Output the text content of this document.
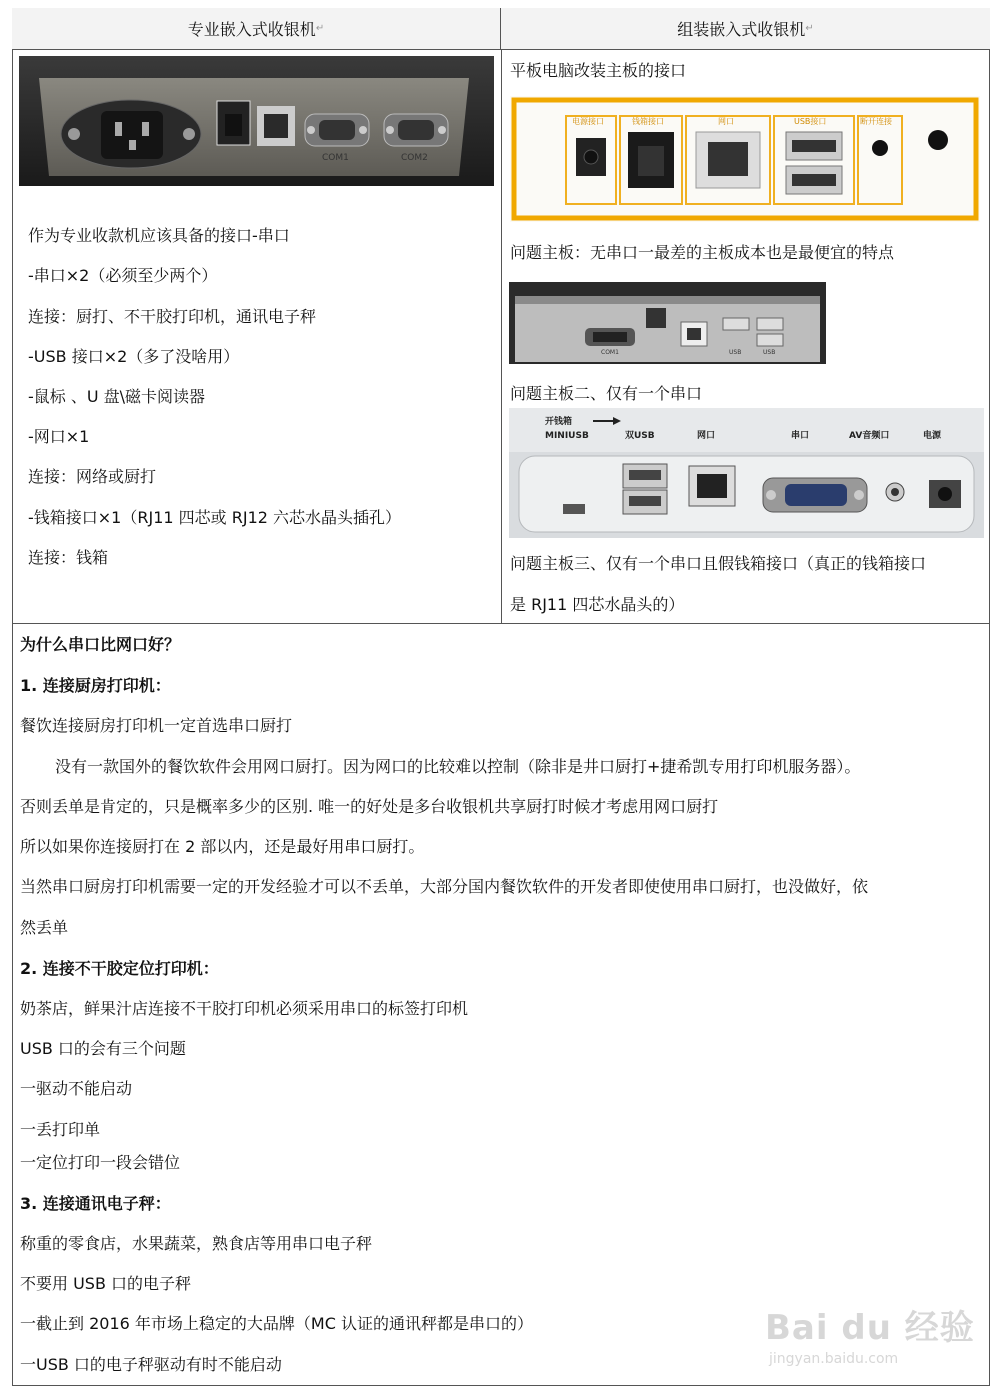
专业嵌入式收银机 ↵	组装嵌入式收银机 ↵
COM1	COM2
作为专业收款机应该具备的接口-串口
-串口×2（必须至少两个）
连接：厨打、不干胶打印机，通讯电子秤
-USB 接口×2（多了没啥用）
-鼠标 、U 盘\磁卡阅读器
-网口×1
连接：网络或厨打
-钱箱接口×1（RJ11 四芯或 RJ12 六芯水晶头插孔）
连接：钱箱
平板电脑改装主板的接口
电源接口	钱箱接口	网口	USB接口	断开连接
问题主板：无串口一最差的主板成本也是最便宜的特点
COM1	USB	USB
问题主板二、仅有一个串口
开钱箱
MINIUSB	双USB	网口	串口	AV音频口	电源
问题主板三、仅有一个串口且假钱箱接口（真正的钱箱接口
是 RJ11 四芯水晶头的）
为什么串口比网口好？
1. 连接厨房打印机：
餐饮连接厨房打印机一定首选串口厨打
没有一款国外的餐饮软件会用网口厨打。因为网口的比较难以控制（除非是井口厨打+捷希凯专用打印机服务器）。
否则丢单是肯定的，只是概率多少的区别. 唯一的好处是多台收银机共享厨打时候才考虑用网口厨打
所以如果你连接厨打在 2 部以内，还是最好用串口厨打。
当然串口厨房打印机需要一定的开发经验才可以不丢单，大部分国内餐饮软件的开发者即使使用串口厨打，也没做好，依
然丢单
2. 连接不干胶定位打印机：
奶茶店，鲜果汁店连接不干胶打印机必须采用串口的标签打印机
USB 口的会有三个问题
一驱动不能启动
一丢打印单
一定位打印一段会错位
3. 连接通讯电子秤：
称重的零食店，水果蔬菜，熟食店等用串口电子秤
不要用 USB 口的电子秤
一截止到 2016 年市场上稳定的大品牌（MC 认证的通讯秤都是串口的）
一USB 口的电子秤驱动有时不能启动
Bai du 经验
jingyan.baidu.com
